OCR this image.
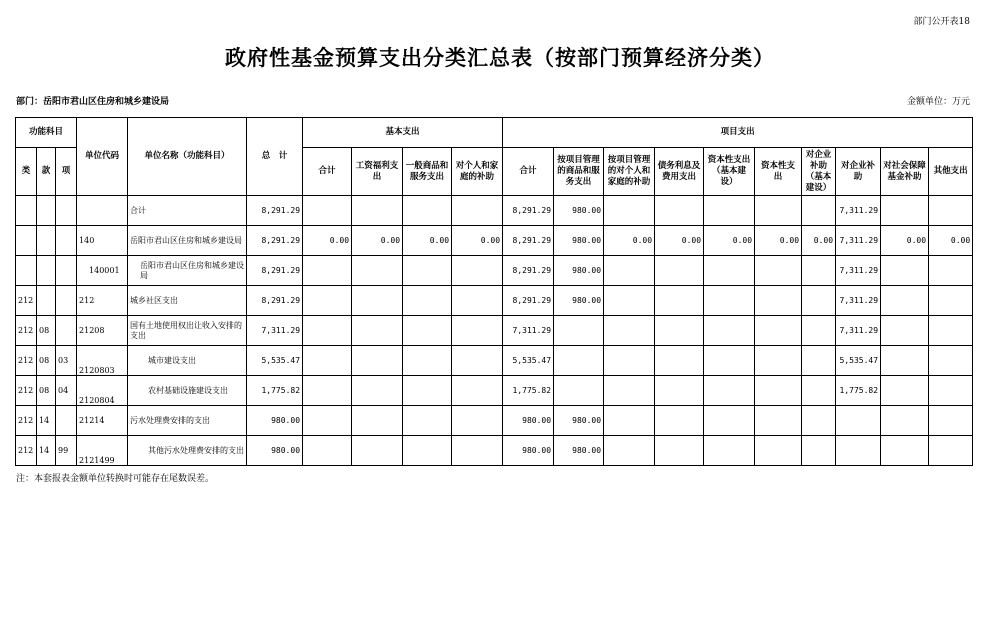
部门公开表18
政府性基金预算支出分类汇总表（按部门预算经济分类）
部门：岳阳市君山区住房和城乡建设局	金额单位：万元
功能科目			单位代码	单位名称（功能科目）	总　计	基本支出				项目支出									
类	款	项				合计	工资福利支出	一般商品和服务支出	对个人和家庭的补助	合计	按项目管理的商品和服务支出	按项目管理的对个人和家庭的补助	债务利息及费用支出	资本性支出（基本建设）	资本性支出	对企业补助（基本建设）	对企业补助	对社会保障基金补助	其他支出
				合计	8,291.29					8,291.29	980.00						7,311.29		
			140	岳阳市君山区住房和城乡建设局	8,291.29	0.00	0.00	0.00	0.00	8,291.29	980.00	0.00	0.00	0.00	0.00	0.00	7,311.29	0.00	0.00
			140001	岳阳市君山区住房和城乡建设局	8,291.29					8,291.29	980.00						7,311.29		
212			212	城乡社区支出	8,291.29					8,291.29	980.00						7,311.29		
212	08		21208	国有土地使用权出让收入安排的支出	7,311.29					7,311.29							7,311.29		
212	08	03	2120803	城市建设支出	5,535.47					5,535.47							5,535.47		
212	08	04	2120804	农村基础设施建设支出	1,775.82					1,775.82							1,775.82		
212	14		21214	污水处理费安排的支出	980.00					980.00	980.00								
212	14	99	2121499	其他污水处理费安排的支出	980.00					980.00	980.00								
注：本套报表金额单位转换时可能存在尾数误差。
